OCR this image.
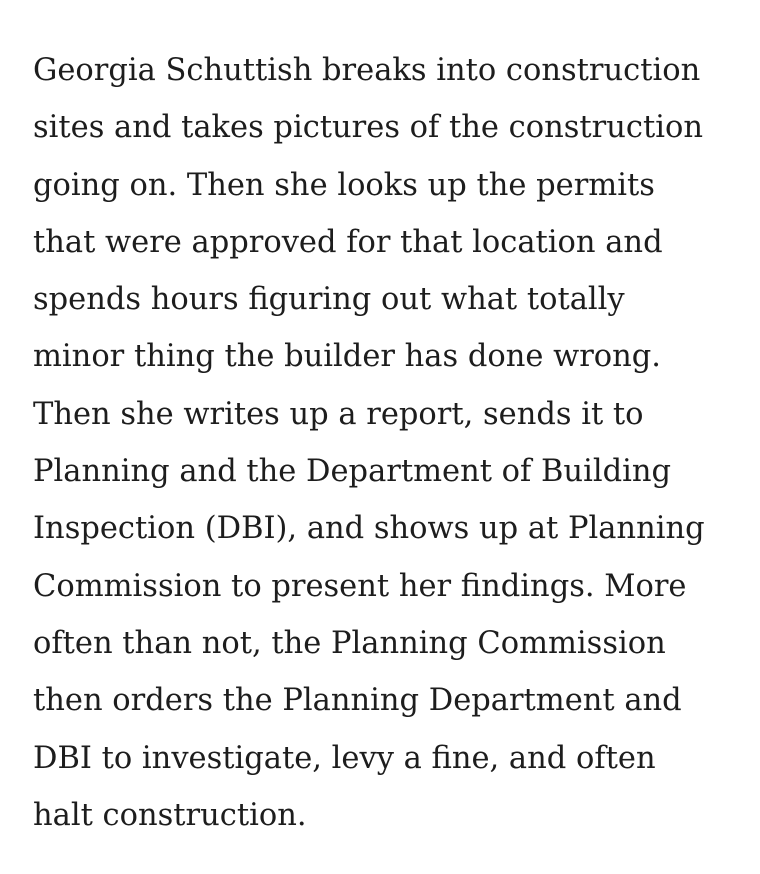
Georgia Schuttish breaks into construction
sites and takes pictures of the construction
going on. Then she looks up the permits
that were approved for that location and
spends hours figuring out what totally
minor thing the builder has done wrong.
Then she writes up a report, sends it to
Planning and the Department of Building
Inspection (DBI), and shows up at Planning
Commission to present her findings. More
often than not, the Planning Commission
then orders the Planning Department and
DBI to investigate, levy a fine, and often
halt construction.
